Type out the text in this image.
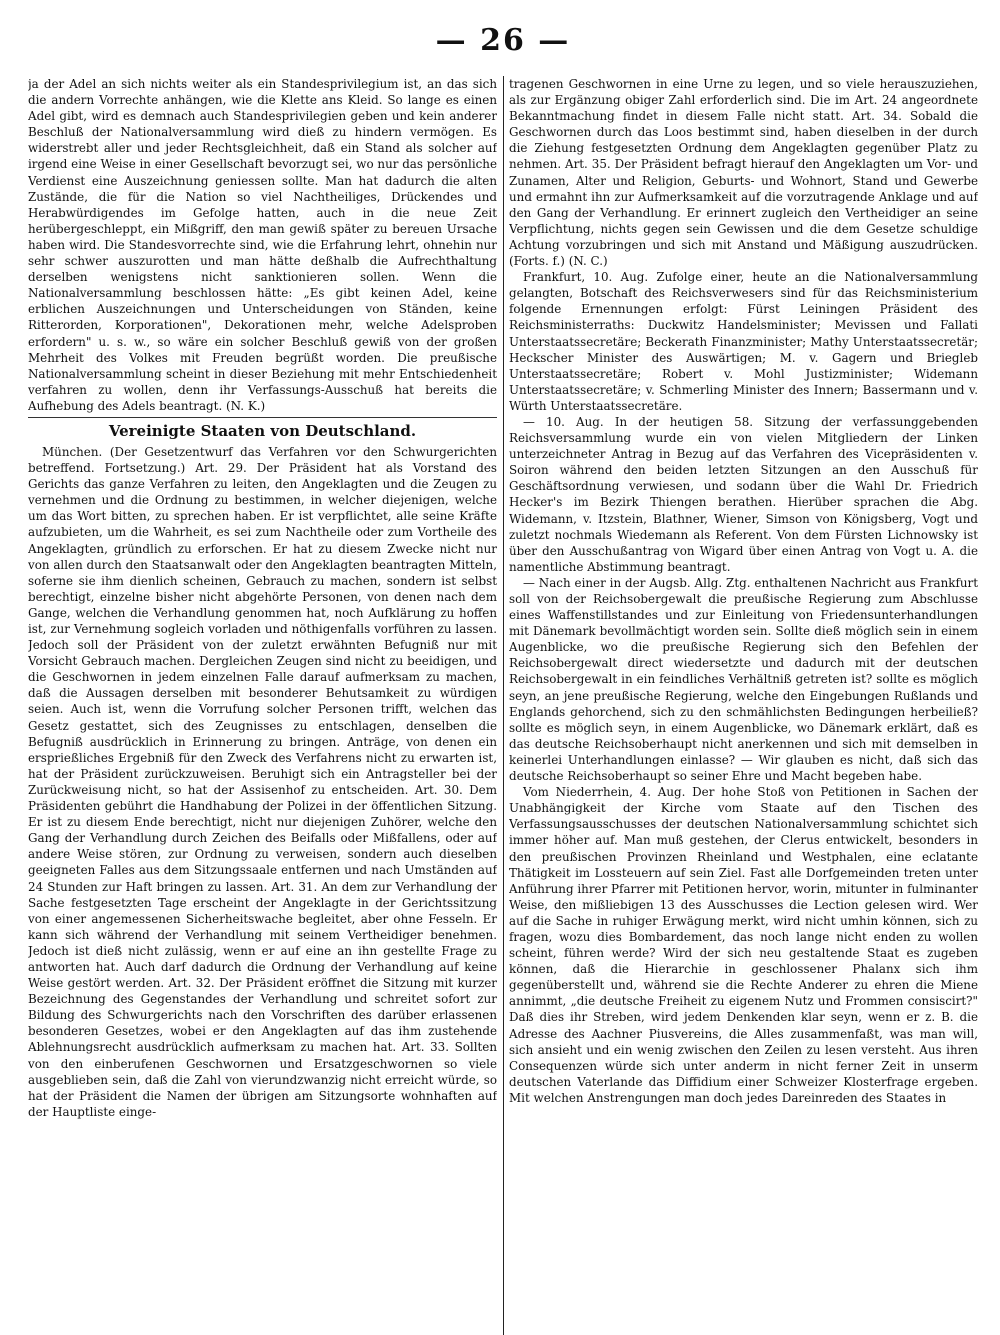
— 26 —

ja der Adel an sich nichts weiter als ein Standesprivilegium ist, an das sich die andern Vorrechte anhängen, wie die Klette ans Kleid. So lange es einen Adel gibt, wird es demnach auch Standesprivilegien geben und kein anderer Beschluß der Nationalversammlung wird dieß zu hindern vermögen. Es widerstrebt aller und jeder Rechtsgleichheit, daß ein Stand als solcher auf irgend eine Weise in einer Gesellschaft bevorzugt sei, wo nur das persönliche Verdienst eine Auszeichnung geniessen sollte. Man hat dadurch die alten Zustände, die für die Nation so viel Nachtheiliges, Drückendes und Herabwürdigendes im Gefolge hatten, auch in die neue Zeit herübergeschleppt, ein Mißgriff, den man gewiß später zu bereuen Ursache haben wird. Die Standesvorrechte sind, wie die Erfahrung lehrt, ohnehin nur sehr schwer auszurotten und man hätte deßhalb die Aufrechthaltung derselben wenigstens nicht sanktionieren sollen. Wenn die Nationalversammlung beschlossen hätte: „Es gibt keinen Adel, keine erblichen Auszeichnungen und Unterscheidungen von Ständen, keine Ritterorden, Korporationen", Dekorationen mehr, welche Adelsproben erfordern" u. s. w., so wäre ein solcher Beschluß gewiß von der großen Mehrheit des Volkes mit Freuden begrüßt worden. Die preußische Nationalversammlung scheint in dieser Beziehung mit mehr Entschiedenheit verfahren zu wollen, denn ihr Verfassungs-Ausschuß hat bereits die Aufhebung des Adels beantragt. (N. K.)

Vereinigte Staaten von Deutschland.

München. (Der Gesetzentwurf das Verfahren vor den Schwurgerichten betreffend. Fortsetzung.) Art. 29. Der Präsident hat als Vorstand des Gerichts das ganze Verfahren zu leiten, den Angeklagten und die Zeugen zu vernehmen und die Ordnung zu bestimmen, in welcher diejenigen, welche um das Wort bitten, zu sprechen haben. Er ist verpflichtet, alle seine Kräfte aufzubieten, um die Wahrheit, es sei zum Nachtheile oder zum Vortheile des Angeklagten, gründlich zu erforschen. Er hat zu diesem Zwecke nicht nur von allen durch den Staatsanwalt oder den Angeklagten beantragten Mitteln, soferne sie ihm dienlich scheinen, Gebrauch zu machen, sondern ist selbst berechtigt, einzelne bisher nicht abgehörte Personen, von denen nach dem Gange, welchen die Verhandlung genommen hat, noch Aufklärung zu hoffen ist, zur Vernehmung sogleich vorladen und nöthigenfalls vorführen zu lassen. Jedoch soll der Präsident von der zuletzt erwähnten Befugniß nur mit Vorsicht Gebrauch machen. Dergleichen Zeugen sind nicht zu beeidigen, und die Geschwornen in jedem einzelnen Falle darauf aufmerksam zu machen, daß die Aussagen derselben mit besonderer Behutsamkeit zu würdigen seien. Auch ist, wenn die Vorrufung solcher Personen trifft, welchen das Gesetz gestattet, sich des Zeugnisses zu entschlagen, denselben die Befugniß ausdrücklich in Erinnerung zu bringen. Anträge, von denen ein ersprießliches Ergebniß für den Zweck des Verfahrens nicht zu erwarten ist, hat der Präsident zurückzuweisen. Beruhigt sich ein Antragsteller bei der Zurückweisung nicht, so hat der Assisenhof zu entscheiden. Art. 30. Dem Präsidenten gebührt die Handhabung der Polizei in der öffentlichen Sitzung. Er ist zu diesem Ende berechtigt, nicht nur diejenigen Zuhörer, welche den Gang der Verhandlung durch Zeichen des Beifalls oder Mißfallens, oder auf andere Weise stören, zur Ordnung zu verweisen, sondern auch dieselben geeigneten Falles aus dem Sitzungssaale entfernen und nach Umständen auf 24 Stunden zur Haft bringen zu lassen. Art. 31. An dem zur Verhandlung der Sache festgesetzten Tage erscheint der Angeklagte in der Gerichtssitzung von einer angemessenen Sicherheitswache begleitet, aber ohne Fesseln. Er kann sich während der Verhandlung mit seinem Vertheidiger benehmen. Jedoch ist dieß nicht zulässig, wenn er auf eine an ihn gestellte Frage zu antworten hat. Auch darf dadurch die Ordnung der Verhandlung auf keine Weise gestört werden. Art. 32. Der Präsident eröffnet die Sitzung mit kurzer Bezeichnung des Gegenstandes der Verhandlung und schreitet sofort zur Bildung des Schwurgerichts nach den Vorschriften des darüber erlassenen besonderen Gesetzes, wobei er den Angeklagten auf das ihm zustehende Ablehnungsrecht ausdrücklich aufmerksam zu machen hat. Art. 33. Sollten von den einberufenen Geschwornen und Ersatzgeschwornen so viele ausgeblieben sein, daß die Zahl von vierundzwanzig nicht erreicht würde, so hat der Präsident die Namen der übrigen am Sitzungsorte wohnhaften auf der Hauptliste einge-

tragenen Geschwornen in eine Urne zu legen, und so viele herauszuziehen, als zur Ergänzung obiger Zahl erforderlich sind. Die im Art. 24 angeordnete Bekanntmachung findet in diesem Falle nicht statt. Art. 34. Sobald die Geschwornen durch das Loos bestimmt sind, haben dieselben in der durch die Ziehung festgesetzten Ordnung dem Angeklagten gegenüber Platz zu nehmen. Art. 35. Der Präsident befragt hierauf den Angeklagten um Vor- und Zunamen, Alter und Religion, Geburts- und Wohnort, Stand und Gewerbe und ermahnt ihn zur Aufmerksamkeit auf die vorzutragende Anklage und auf den Gang der Verhandlung. Er erinnert zugleich den Vertheidiger an seine Verpflichtung, nichts gegen sein Gewissen und die dem Gesetze schuldige Achtung vorzubringen und sich mit Anstand und Mäßigung auszudrücken. (Forts. f.) (N. C.)

Frankfurt, 10. Aug. Zufolge einer, heute an die Nationalversammlung gelangten, Botschaft des Reichsverwesers sind für das Reichsministerium folgende Ernennungen erfolgt: Fürst Leiningen Präsident des Reichsministerraths: Duckwitz Handelsminister; Mevissen und Fallati Unterstaatssecretäre; Beckerath Finanzminister; Mathy Unterstaatssecretär; Heckscher Minister des Auswärtigen; M. v. Gagern und Briegleb Unterstaatssecretäre; Robert v. Mohl Justizminister; Widemann Unterstaatssecretäre; v. Schmerling Minister des Innern; Bassermann und v. Würth Unterstaatssecretäre.

— 10. Aug. In der heutigen 58. Sitzung der verfassunggebenden Reichsversammlung wurde ein von vielen Mitgliedern der Linken unterzeichneter Antrag in Bezug auf das Verfahren des Vicepräsidenten v. Soiron während den beiden letzten Sitzungen an den Ausschuß für Geschäftsordnung verwiesen, und sodann über die Wahl Dr. Friedrich Hecker's im Bezirk Thiengen berathen. Hierüber sprachen die Abg. Widemann, v. Itzstein, Blathner, Wiener, Simson von Königsberg, Vogt und zuletzt nochmals Wiedemann als Referent. Von dem Fürsten Lichnowsky ist über den Ausschußantrag von Wigard über einen Antrag von Vogt u. A. die namentliche Abstimmung beantragt.

— Nach einer in der Augsb. Allg. Ztg. enthaltenen Nachricht aus Frankfurt soll von der Reichsobergewalt die preußische Regierung zum Abschlusse eines Waffenstillstandes und zur Einleitung von Friedensunterhandlungen mit Dänemark bevollmächtigt worden sein. Sollte dieß möglich sein in einem Augenblicke, wo die preußische Regierung sich den Befehlen der Reichsobergewalt direct wiedersetzte und dadurch mit der deutschen Reichsobergewalt in ein feindliches Verhältniß getreten ist? sollte es möglich seyn, an jene preußische Regierung, welche den Eingebungen Rußlands und Englands gehorchend, sich zu den schmählichsten Bedingungen herbeiließ? sollte es möglich seyn, in einem Augenblicke, wo Dänemark erklärt, daß es das deutsche Reichsoberhaupt nicht anerkennen und sich mit demselben in keinerlei Unterhandlungen einlasse? — Wir glauben es nicht, daß sich das deutsche Reichsoberhaupt so seiner Ehre und Macht begeben habe.

Vom Niederrhein, 4. Aug. Der hohe Stoß von Petitionen in Sachen der Unabhängigkeit der Kirche vom Staate auf den Tischen des Verfassungsausschusses der deutschen Nationalversammlung schichtet sich immer höher auf. Man muß gestehen, der Clerus entwickelt, besonders in den preußischen Provinzen Rheinland und Westphalen, eine eclatante Thätigkeit im Lossteuern auf sein Ziel. Fast alle Dorfgemeinden treten unter Anführung ihrer Pfarrer mit Petitionen hervor, worin, mitunter in fulminanter Weise, den mißliebigen 13 des Ausschusses die Lection gelesen wird. Wer auf die Sache in ruhiger Erwägung merkt, wird nicht umhin können, sich zu fragen, wozu dies Bombardement, das noch lange nicht enden zu wollen scheint, führen werde? Wird der sich neu gestaltende Staat es zugeben können, daß die Hierarchie in geschlossener Phalanx sich ihm gegenüberstellt und, während sie die Rechte Anderer zu ehren die Miene annimmt, „die deutsche Freiheit zu eigenem Nutz und Frommen consiscirt?" Daß dies ihr Streben, wird jedem Denkenden klar seyn, wenn er z. B. die Adresse des Aachner Piusvereins, die Alles zusammenfaßt, was man will, sich ansieht und ein wenig zwischen den Zeilen zu lesen versteht. Aus ihren Consequenzen würde sich unter anderm in nicht ferner Zeit in unserm deutschen Vaterlande das Diffidium einer Schweizer Klosterfrage ergeben. Mit welchen Anstrengungen man doch jedes Dareinreden des Staates in
